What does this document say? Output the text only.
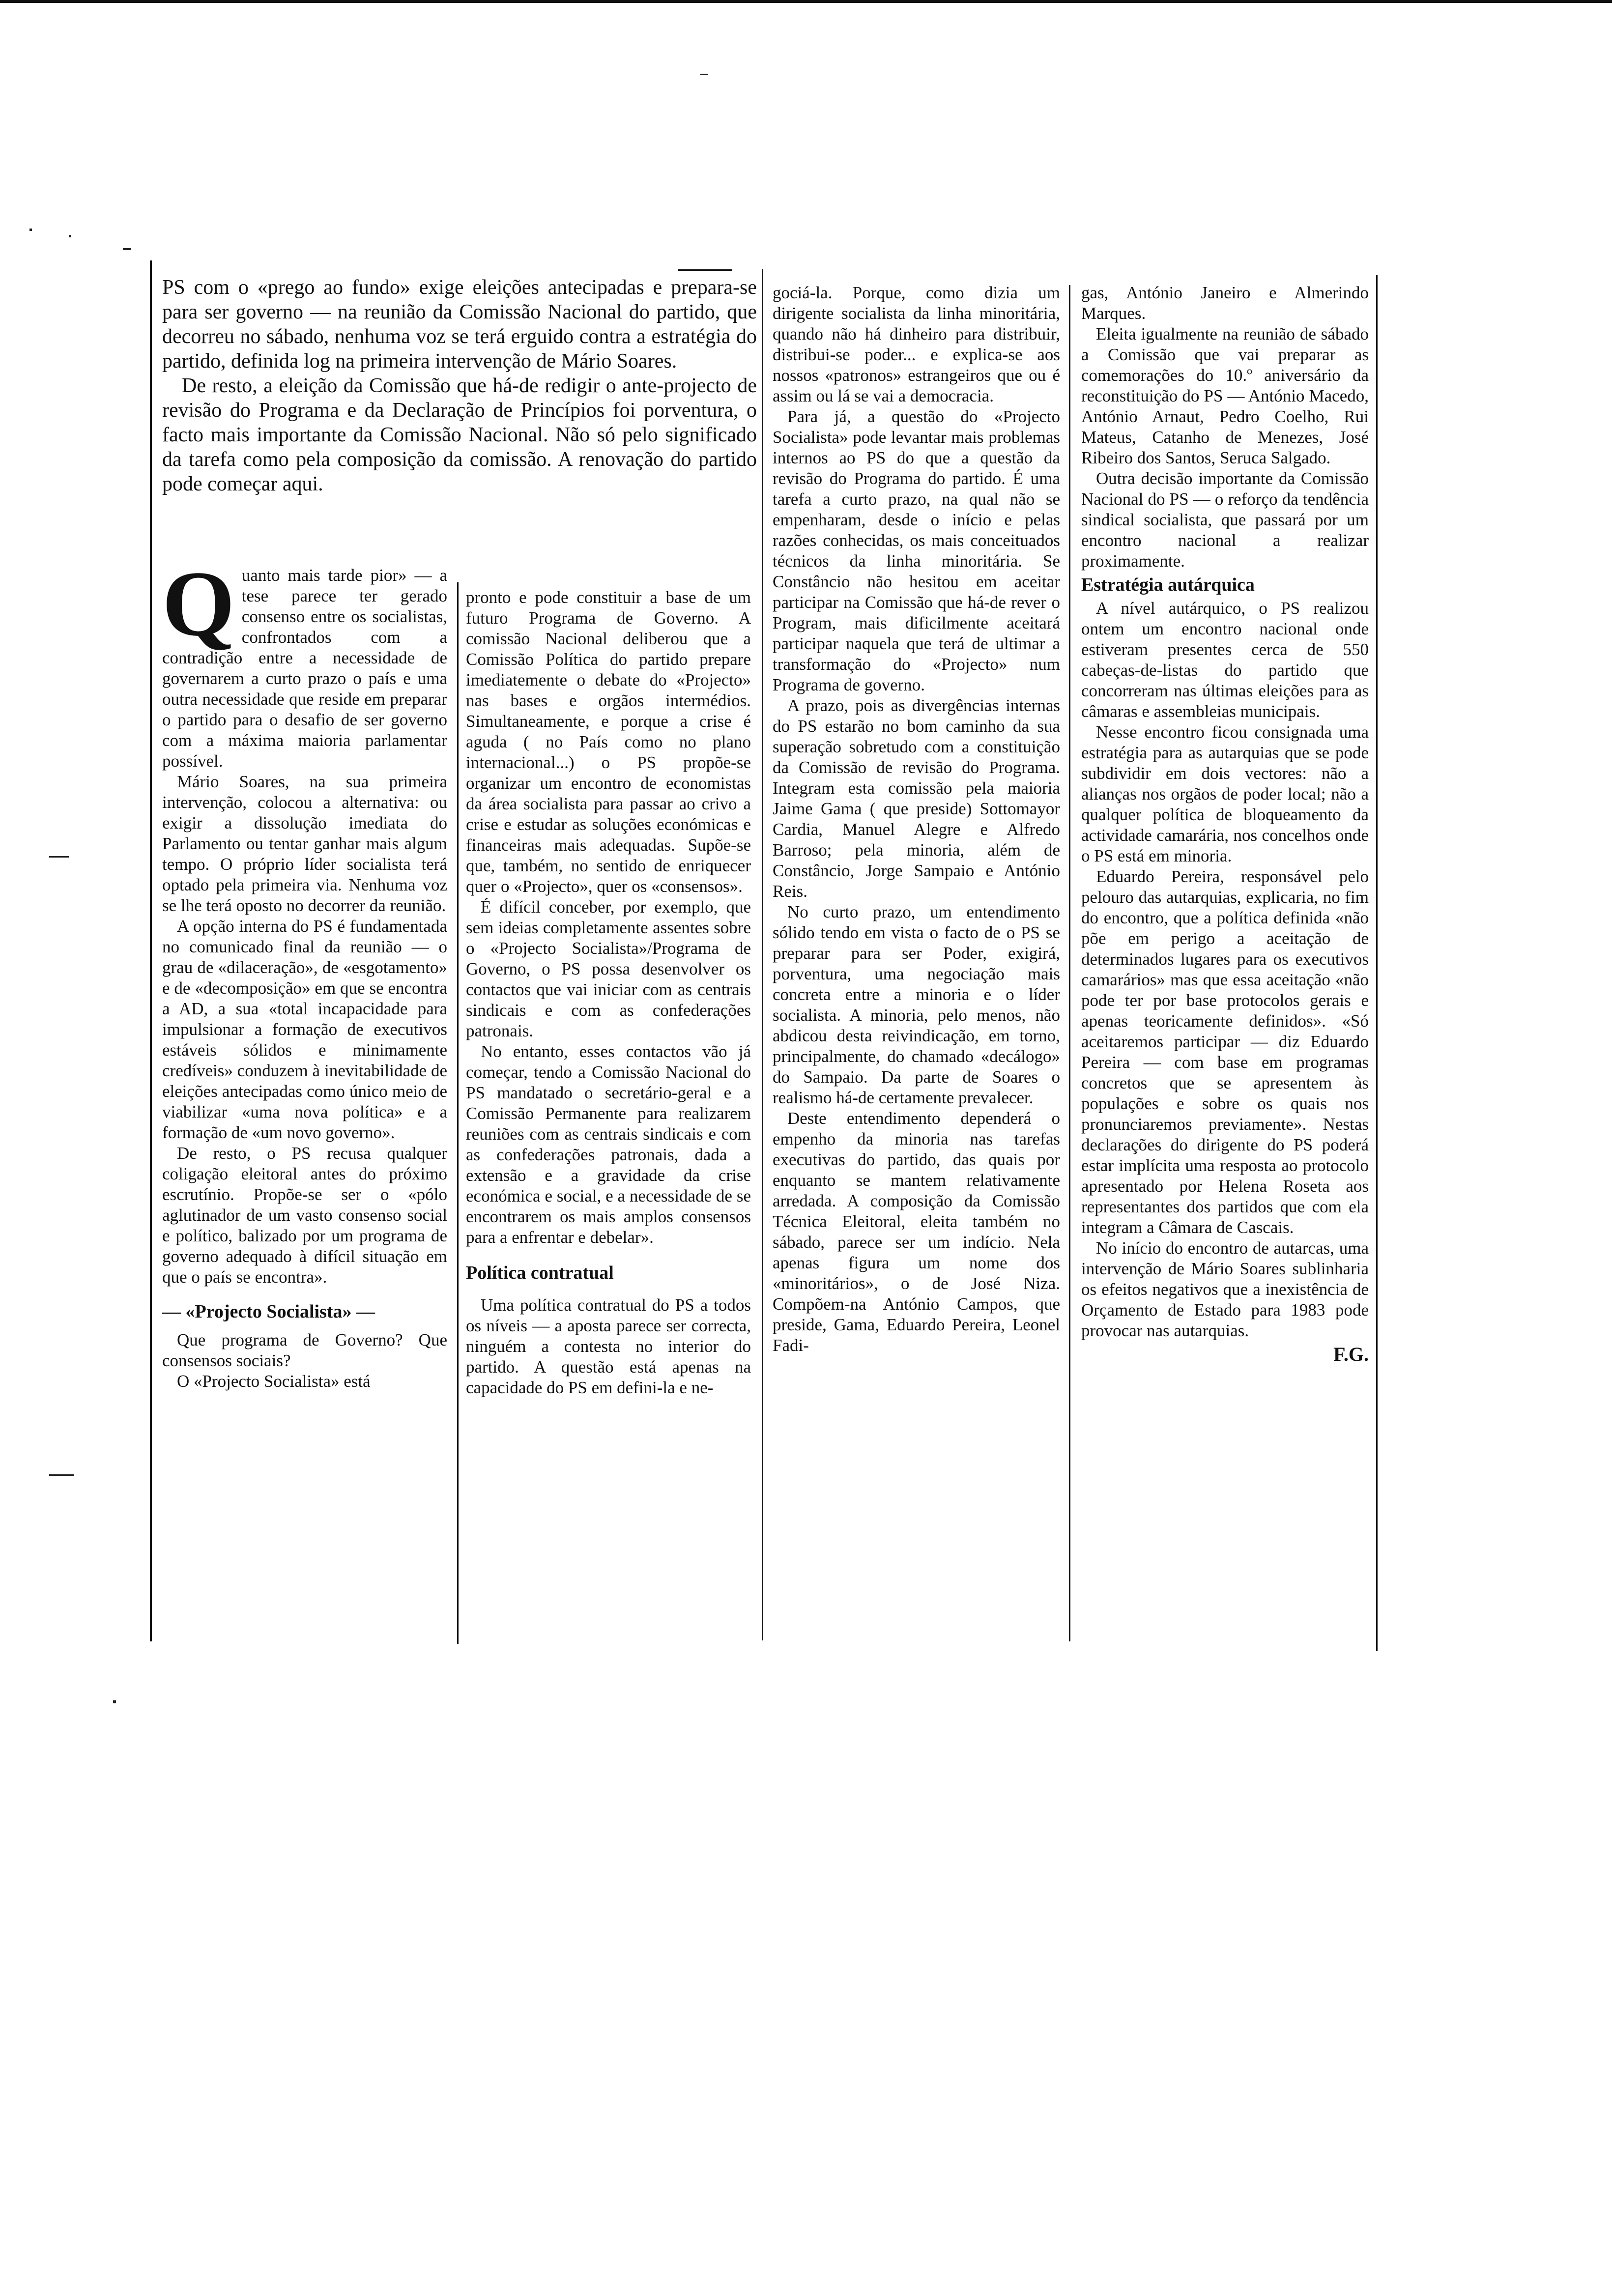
PS com o «prego ao fundo» exige eleições antecipadas e prepara-se para ser governo — na reunião da Comissão Nacional do partido, que decorreu no sábado, nenhuma voz se terá erguido contra a estratégia do partido, definida log na primeira intervenção de Mário Soares.

De resto, a eleição da Comissão que há-de redigir o ante-projecto de revisão do Programa e da Declaração de Princípios foi porventura, o facto mais importante da Comissão Nacional. Não só pelo significado da tarefa como pela composição da comissão. A renovação do partido pode começar aqui.

Quanto mais tarde pior» — a tese parece ter gerado consenso entre os socialistas, confrontados com a contradição entre a necessidade de governarem a curto prazo o país e uma outra necessidade que reside em preparar o partido para o desafio de ser governo com a máxima maioria parlamentar possível.

Mário Soares, na sua primeira intervenção, colocou a alternativa: ou exigir a dissolução imediata do Parlamento ou tentar ganhar mais algum tempo. O próprio líder socialista terá optado pela primeira via. Nenhuma voz se lhe terá oposto no decorrer da reunião.

A opção interna do PS é fundamentada no comunicado final da reunião — o grau de «dilaceração», de «esgotamento» e de «decomposição» em que se encontra a AD, a sua «total incapacidade para impulsionar a formação de executivos estáveis sólidos e minimamente credíveis» conduzem à inevitabilidade de eleições antecipadas como único meio de viabilizar «uma nova política» e a formação de «um novo governo».

De resto, o PS recusa qualquer coligação eleitoral antes do próximo escrutínio. Propõe-se ser o «pólo aglutinador de um vasto consenso social e político, balizado por um programa de governo adequado à difícil situação em que o país se encontra».

— «Projecto Socialista» —

Que programa de Governo? Que consensos sociais?

O «Projecto Socialista» está

pronto e pode constituir a base de um futuro Programa de Governo. A comissão Nacional deliberou que a Comissão Política do partido prepare imediatemente o debate do «Projecto» nas bases e orgãos intermédios. Simultaneamente, e porque a crise é aguda ( no País como no plano internacional...) o PS propõe-se organizar um encontro de economistas da área socialista para passar ao crivo a crise e estudar as soluções económicas e financeiras mais adequadas. Supõe-se que, também, no sentido de enriquecer quer o «Projecto», quer os «consensos».

É difícil conceber, por exemplo, que sem ideias completamente assentes sobre o «Projecto Socialista»/Programa de Governo, o PS possa desenvolver os contactos que vai iniciar com as centrais sindicais e com as confederações patronais.

No entanto, esses contactos vão já começar, tendo a Comissão Nacional do PS mandatado o secretário-geral e a Comissão Permanente para realizarem reuniões com as centrais sindicais e com as confederações patronais, dada a extensão e a gravidade da crise económica e social, e a necessidade de se encontrarem os mais amplos consensos para a enfrentar e debelar».

Política contratual

Uma política contratual do PS a todos os níveis — a aposta parece ser correcta, ninguém a contesta no interior do partido. A questão está apenas na capacidade do PS em defini-la e ne-

gociá-la. Porque, como dizia um dirigente socialista da linha minoritária, quando não há dinheiro para distribuir, distribui-se poder... e explica-se aos nossos «patronos» estrangeiros que ou é assim ou lá se vai a democracia.

Para já, a questão do «Projecto Socialista» pode levantar mais problemas internos ao PS do que a questão da revisão do Programa do partido. É uma tarefa a curto prazo, na qual não se empenharam, desde o início e pelas razões conhecidas, os mais conceituados técnicos da linha minoritária. Se Constâncio não hesitou em aceitar participar na Comissão que há-de rever o Program, mais dificilmente aceitará participar naquela que terá de ultimar a transformação do «Projecto» num Programa de governo.

A prazo, pois as divergências internas do PS estarão no bom caminho da sua superação sobretudo com a constituição da Comissão de revisão do Programa. Integram esta comissão pela maioria Jaime Gama ( que preside) Sottomayor Cardia, Manuel Alegre e Alfredo Barroso; pela minoria, além de Constâncio, Jorge Sampaio e António Reis.

No curto prazo, um entendimento sólido tendo em vista o facto de o PS se preparar para ser Poder, exigirá, porventura, uma negociação mais concreta entre a minoria e o líder socialista. A minoria, pelo menos, não abdicou desta reivindicação, em torno, principalmente, do chamado «decálogo» do Sampaio. Da parte de Soares o realismo há-de certamente prevalecer.

Deste entendimento dependerá o empenho da minoria nas tarefas executivas do partido, das quais por enquanto se mantem relativamente arredada. A composição da Comissão Técnica Eleitoral, eleita também no sábado, parece ser um indício. Nela apenas figura um nome dos «minoritários», o de José Niza. Compõem-na António Campos, que preside, Gama, Eduardo Pereira, Leonel Fadi-

gas, António Janeiro e Almerindo Marques.

Eleita igualmente na reunião de sábado a Comissão que vai preparar as comemorações do 10.º aniversário da reconstituição do PS — António Macedo, António Arnaut, Pedro Coelho, Rui Mateus, Catanho de Menezes, José Ribeiro dos Santos, Seruca Salgado.

Outra decisão importante da Comissão Nacional do PS — o reforço da tendência sindical socialista, que passará por um encontro nacional a realizar proximamente.

Estratégia autárquica

A nível autárquico, o PS realizou ontem um encontro nacional onde estiveram presentes cerca de 550 cabeças-de-listas do partido que concorreram nas últimas eleições para as câmaras e assembleias municipais.

Nesse encontro ficou consignada uma estratégia para as autarquias que se pode subdividir em dois vectores: não a alianças nos orgãos de poder local; não a qualquer política de bloqueamento da actividade camarária, nos concelhos onde o PS está em minoria.

Eduardo Pereira, responsável pelo pelouro das autarquias, explicaria, no fim do encontro, que a política definida «não põe em perigo a aceitação de determinados lugares para os executivos camarários» mas que essa aceitação «não pode ter por base protocolos gerais e apenas teoricamente definidos». «Só aceitaremos participar — diz Eduardo Pereira — com base em programas concretos que se apresentem às populações e sobre os quais nos pronunciaremos previamente». Nestas declarações do dirigente do PS poderá estar implícita uma resposta ao protocolo apresentado por Helena Roseta aos representantes dos partidos que com ela integram a Câmara de Cascais.

No início do encontro de autarcas, uma intervenção de Mário Soares sublinharia os efeitos negativos que a inexistência de Orçamento de Estado para 1983 pode provocar nas autarquias.

F.G.
